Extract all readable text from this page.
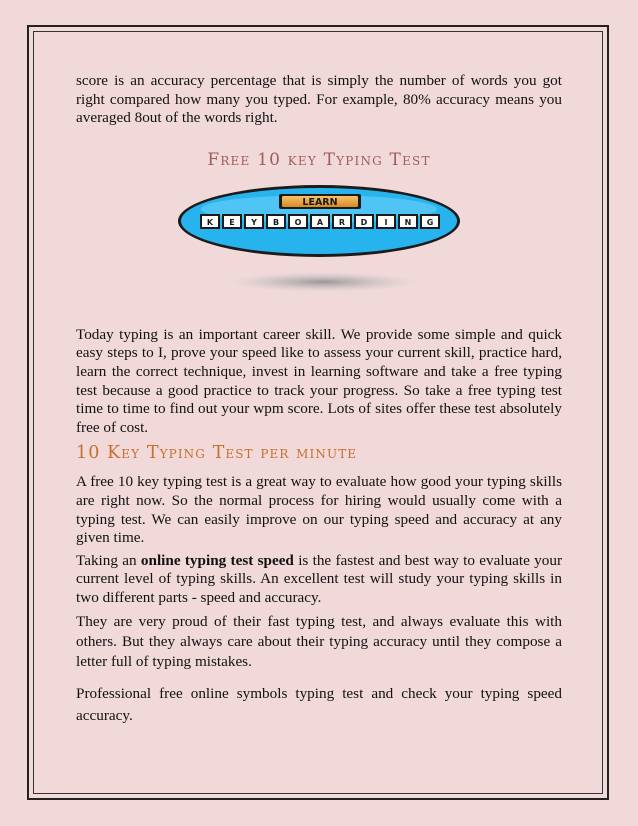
score is an accuracy percentage that is simply the number of words you got right compared how many you typed. For example, 80% accuracy means you averaged 8out of the words right.

Free 10 key Typing Test
LEARN
K E Y B O A R D I N G

Today typing is an important career skill. We provide some simple and quick easy steps to I, prove your speed like to assess your current skill, practice hard, learn the correct technique, invest in learning software and take a free typing test because a good practice to track your progress. So take a free typing test time to time to find out your wpm score. Lots of sites offer these test absolutely free of cost.

10 Key Typing Test per minute

A free 10 key typing test is a great way to evaluate how good your typing skills are right now. So the normal process for hiring would usually come with a typing test. We can easily improve on our typing speed and accuracy at any given time.

Taking an online typing test speed is the fastest and best way to evaluate your current level of typing skills. An excellent test will study your typing skills in two different parts - speed and accuracy.

They are very proud of their fast typing test, and always evaluate this with others. But they always care about their typing accuracy until they compose a letter full of typing mistakes.

Professional free online symbols typing test and check your typing speed accuracy.
